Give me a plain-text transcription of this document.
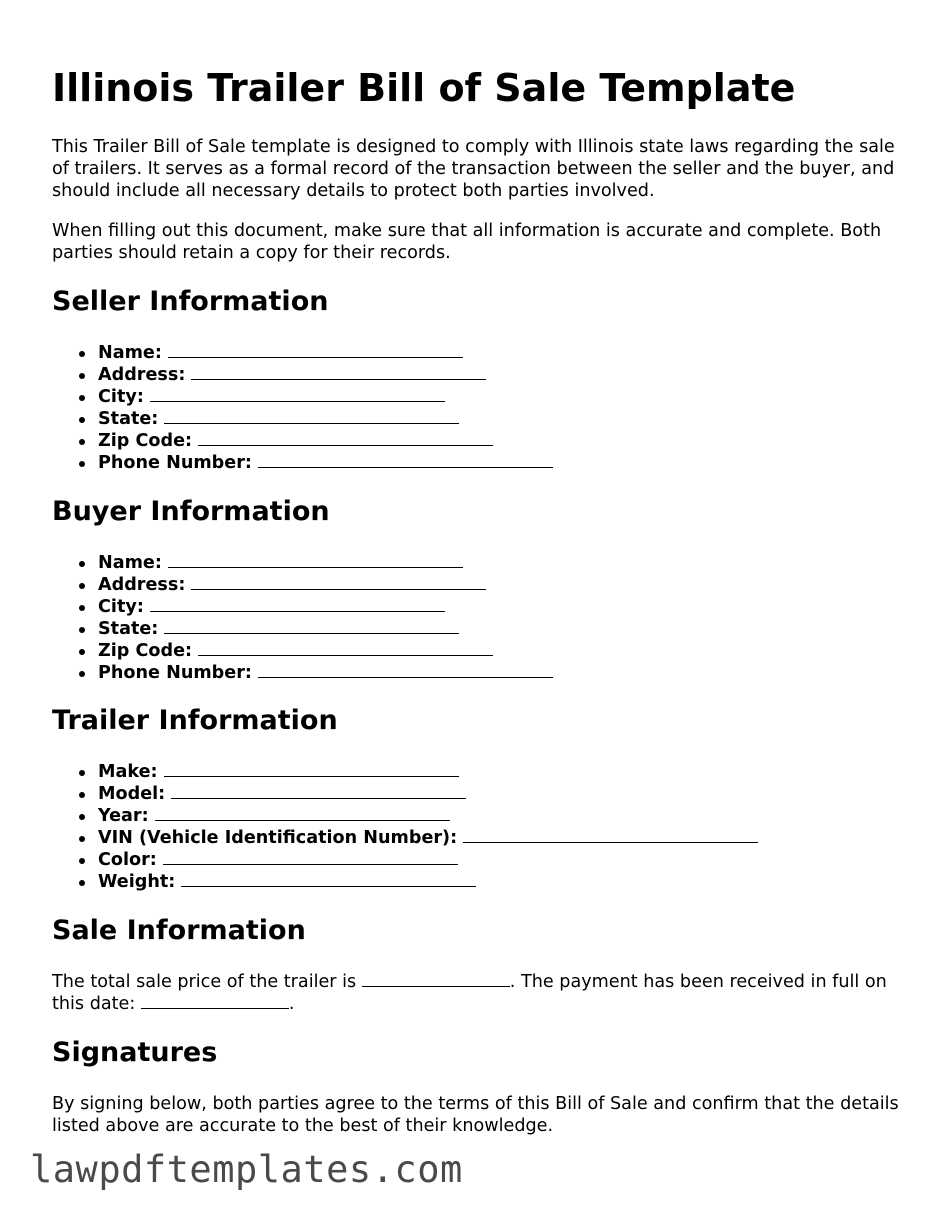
Illinois Trailer Bill of Sale Template

This Trailer Bill of Sale template is designed to comply with Illinois state laws regarding the sale of trailers. It serves as a formal record of the transaction between the seller and the buyer, and should include all necessary details to protect both parties involved.

When filling out this document, make sure that all information is accurate and complete. Both parties should retain a copy for their records.

Seller Information
Name:
Address:
City:
State:
Zip Code:
Phone Number:
Buyer Information
Name:
Address:
City:
State:
Zip Code:
Phone Number:
Trailer Information
Make:
Model:
Year:
VIN (Vehicle Identification Number):
Color:
Weight:
Sale Information

The total sale price of the trailer is	. The payment has been received in full on this date:	.

Signatures

By signing below, both parties agree to the terms of this Bill of Sale and confirm that the details listed above are accurate to the best of their knowledge.

lawpdftemplates.com
